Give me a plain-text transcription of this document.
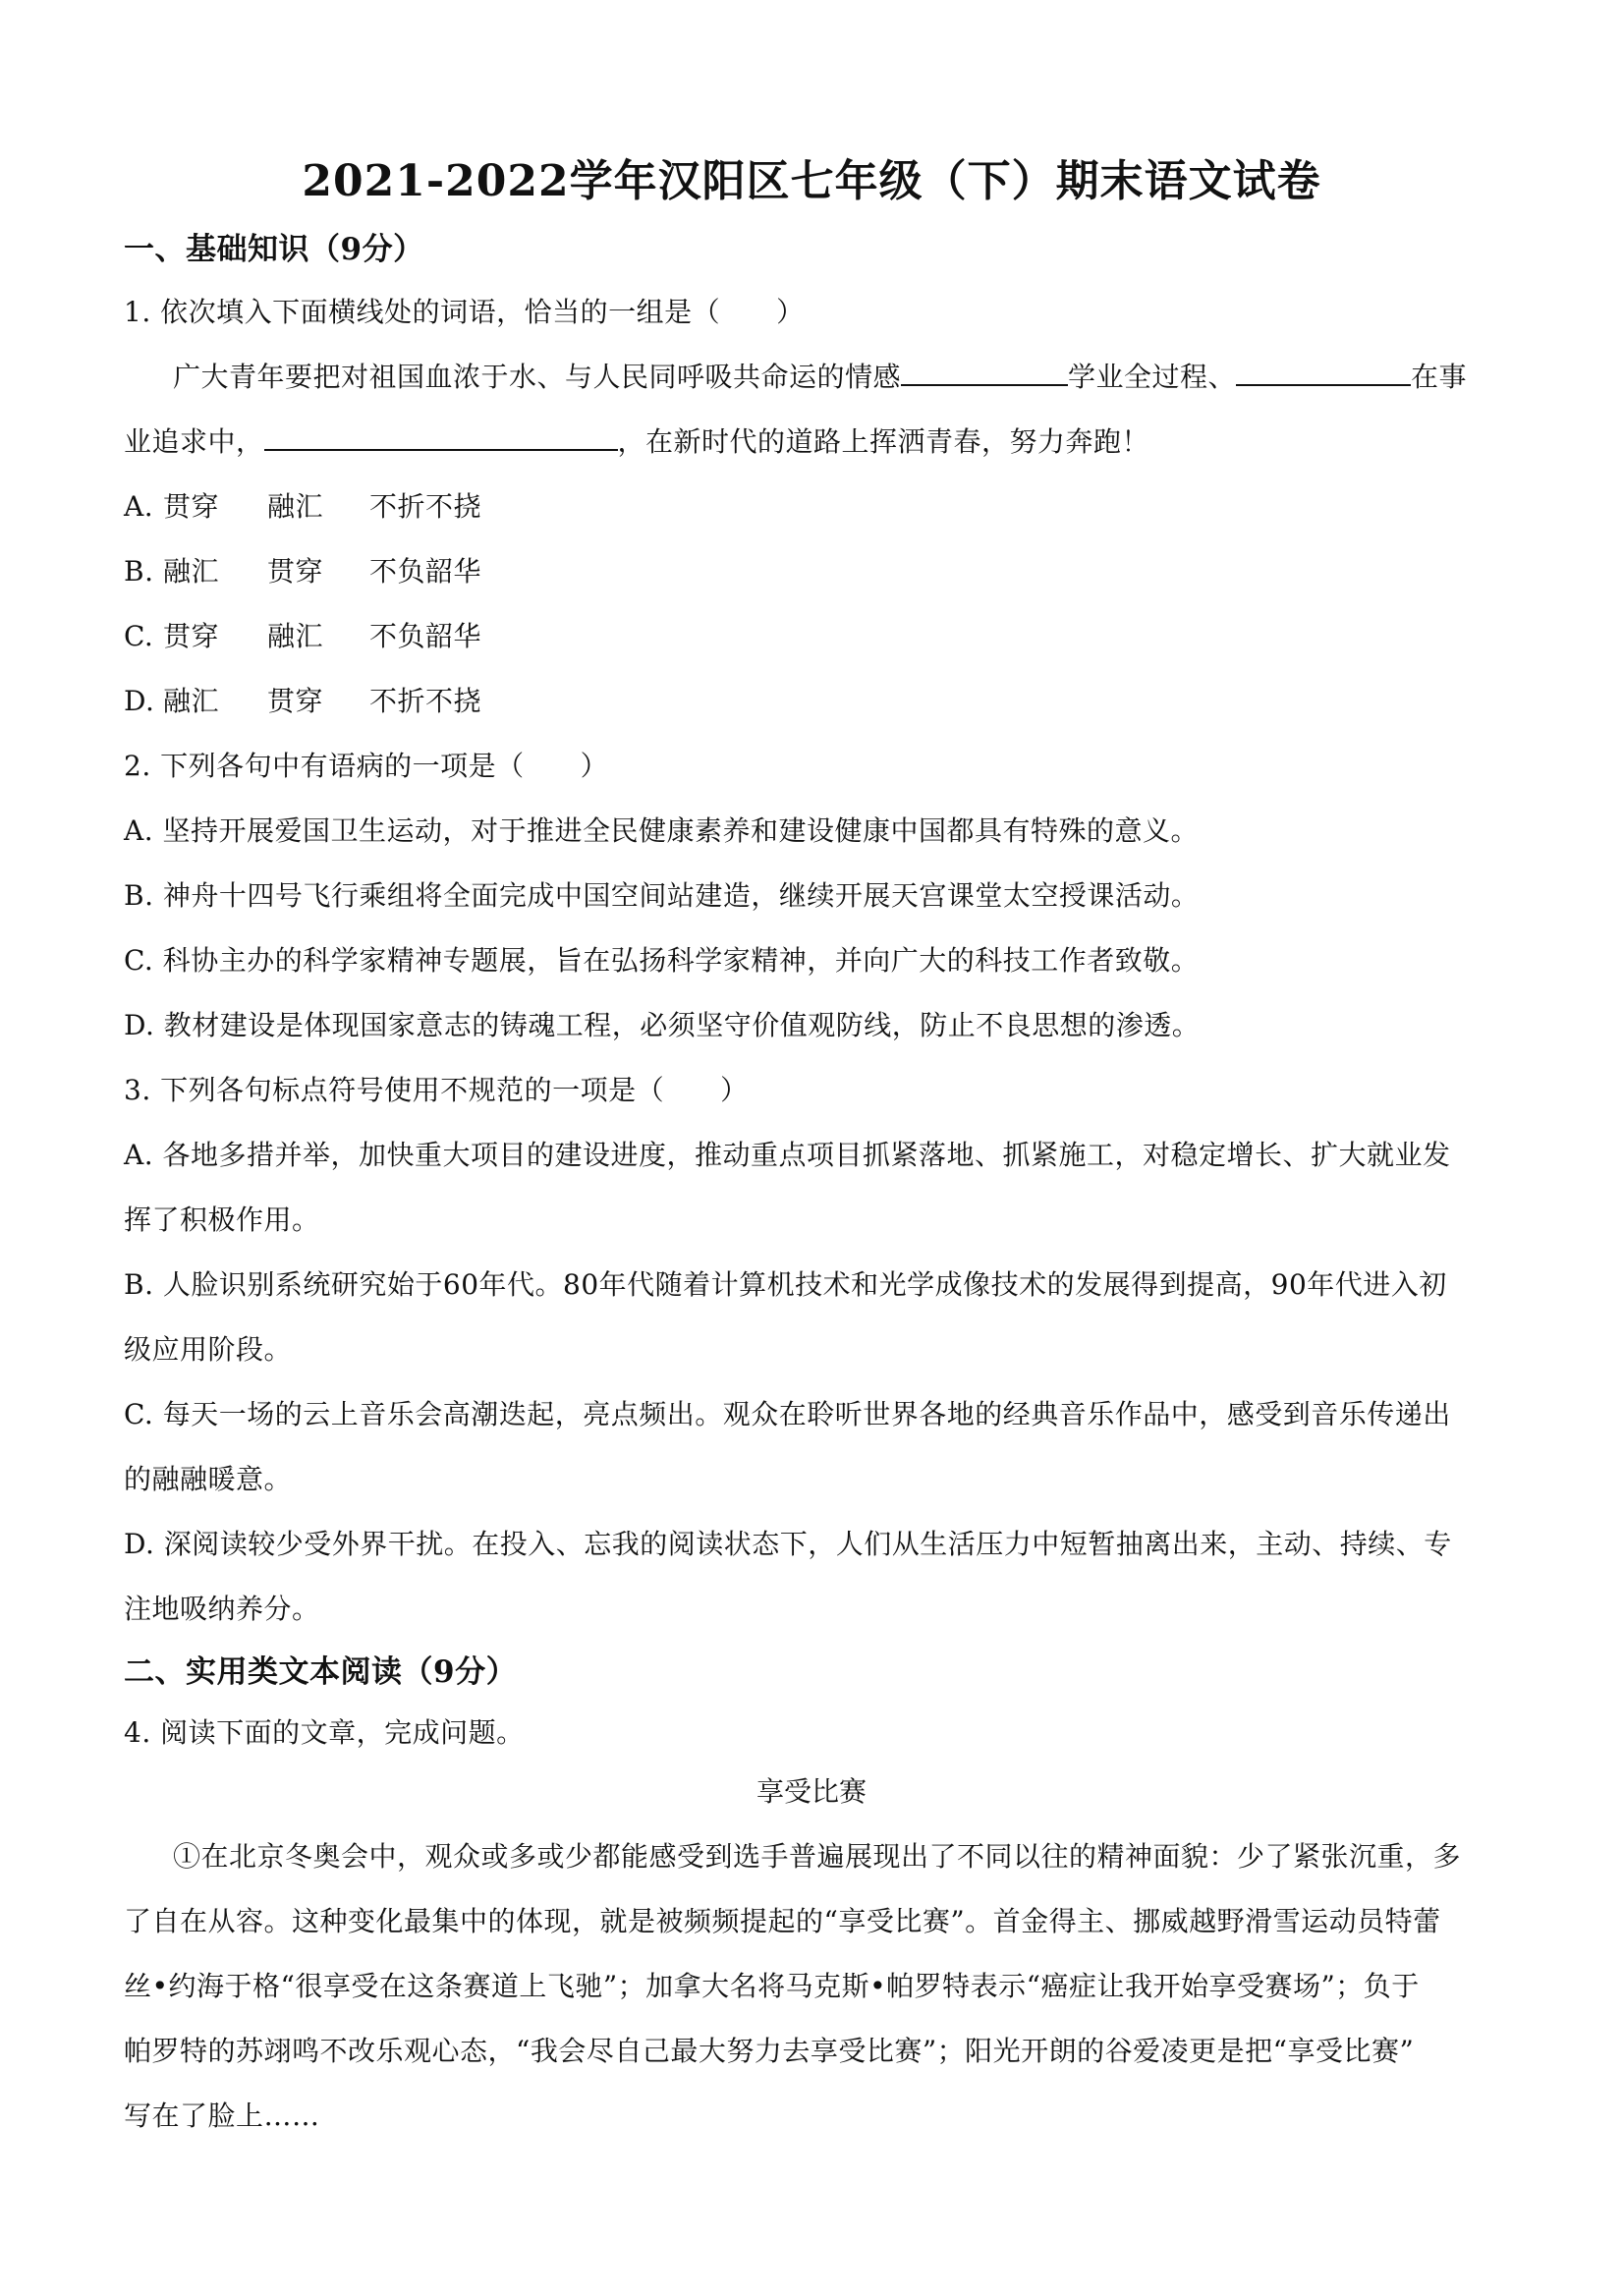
2021-2022学年汉阳区七年级（下）期末语文试卷
一、基础知识（9分）
1. 依次填入下面横线处的词语，恰当的一组是（　　）
广大青年要把对祖国血浓于水、与人民同呼吸共命运的情感	学业全过程、	在事
业追求中，	，在新时代的道路上挥洒青春，努力奔跑！
A. 贯穿 融汇 不折不挠
B. 融汇 贯穿 不负韶华
C. 贯穿 融汇 不负韶华
D. 融汇 贯穿 不折不挠
2. 下列各句中有语病的一项是（　　）
A. 坚持开展爱国卫生运动，对于推进全民健康素养和建设健康中国都具有特殊的意义。
B. 神舟十四号飞行乘组将全面完成中国空间站建造，继续开展天宫课堂太空授课活动。
C. 科协主办的科学家精神专题展，旨在弘扬科学家精神，并向广大的科技工作者致敬。
D. 教材建设是体现国家意志的铸魂工程，必须坚守价值观防线，防止不良思想的渗透。
3. 下列各句标点符号使用不规范的一项是（　　）
A. 各地多措并举，加快重大项目的建设进度，推动重点项目抓紧落地、抓紧施工，对稳定增长、扩大就业发
挥了积极作用。
B. 人脸识别系统研究始于60年代。80年代随着计算机技术和光学成像技术的发展得到提高，90年代进入初
级应用阶段。
C. 每天一场的云上音乐会高潮迭起，亮点频出。观众在聆听世界各地的经典音乐作品中，感受到音乐传递出
的融融暖意。
D. 深阅读较少受外界干扰。在投入、忘我的阅读状态下，人们从生活压力中短暂抽离出来，主动、持续、专
注地吸纳养分。
二、实用类文本阅读（9分）
4. 阅读下面的文章，完成问题。
享受比赛
①在北京冬奥会中，观众或多或少都能感受到选手普遍展现出了不同以往的精神面貌：少了紧张沉重，多
了自在从容。这种变化最集中的体现，就是被频频提起的“享受比赛”。首金得主、挪威越野滑雪运动员特蕾
丝•约海于格“很享受在这条赛道上飞驰”；加拿大名将马克斯•帕罗特表示“癌症让我开始享受赛场”；负于
帕罗特的苏翊鸣不改乐观心态，“我会尽自己最大努力去享受比赛”；阳光开朗的谷爱凌更是把“享受比赛”
写在了脸上……
